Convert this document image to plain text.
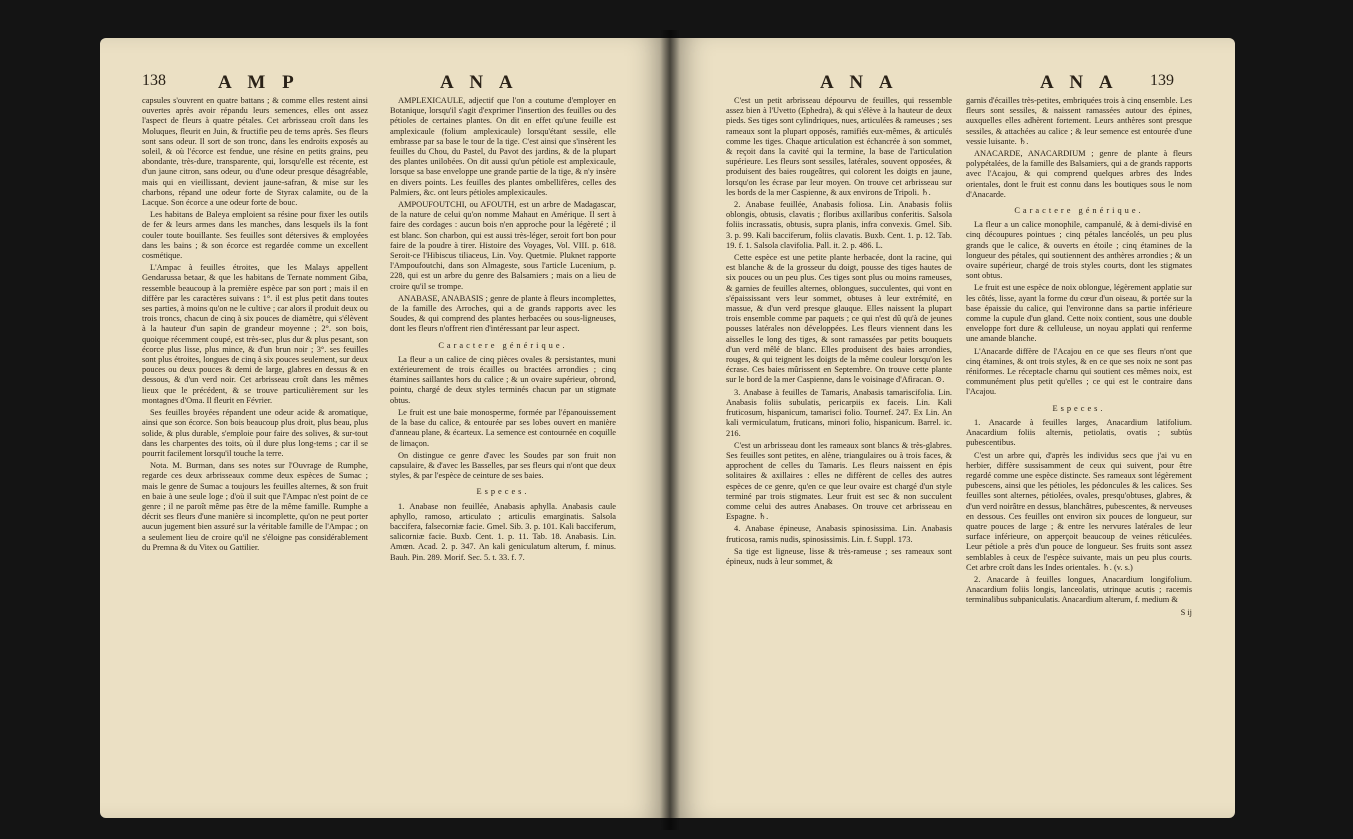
138	A M P	A N A

capsules s'ouvrent en quatre battans ; & comme elles restent ainsi ouvertes après avoir répandu leurs semences, elles ont assez l'aspect de fleurs à quatre pétales. Cet arbrisseau croît dans les Moluques, fleurit en Juin, & fructifie peu de tems après. Ses fleurs sont sans odeur. Il sort de son tronc, dans les endroits exposés au soleil, & où l'écorce est fendue, une résine en petits grains, peu abondante, très-dure, transparente, qui, lorsqu'elle est récente, est d'un jaune citron, sans odeur, ou d'une odeur presque désagréable, mais qui en vieillissant, devient jaune-safran, & mise sur les charbons, répand une odeur forte de Styrax calamite, ou de la Lacque. Son écorce a une odeur forte de bouc.

Les habitans de Baleya emploient sa résine pour fixer les outils de fer & leurs armes dans les manches, dans lesquels ils la font couler toute bouillante. Ses feuilles sont détersives & employées dans les bains ; & son écorce est regardée comme un excellent cosmétique.

L'Ampac à feuilles étroites, que les Malays appellent Gendarussa betaar, & que les habitans de Ternate nomment Giba, ressemble beaucoup à la première espèce par son port ; mais il en diffère par les caractères suivans : 1°. il est plus petit dans toutes ses parties, à moins qu'on ne le cultive ; car alors il produit deux ou trois troncs, chacun de cinq à six pouces de diamètre, qui s'élèvent à la hauteur d'un sapin de grandeur moyenne ; 2°. son bois, quoique récemment coupé, est très-sec, plus dur & plus pesant, son écorce plus lisse, plus mince, & d'un brun noir ; 3°. ses feuilles sont plus étroites, longues de cinq à six pouces seulement, sur deux pouces ou deux pouces & demi de large, glabres en dessus & en dessous, & d'un verd noir. Cet arbrisseau croît dans les mêmes lieux que le précédent, & se trouve particulièrement sur les montagnes d'Oma. Il fleurit en Février.

Ses feuilles broyées répandent une odeur acide & aromatique, ainsi que son écorce. Son bois beaucoup plus droit, plus beau, plus solide, & plus durable, s'emploie pour faire des solives, & sur-tout dans les charpentes des toits, où il dure plus long-tems ; car il se pourrit facilement lorsqu'il touche la terre.

Nota. M. Burman, dans ses notes sur l'Ouvrage de Rumphe, regarde ces deux arbrisseaux comme deux espèces de Sumac ; mais le genre de Sumac a toujours les feuilles alternes, & son fruit en baie à une seule loge ; d'où il suit que l'Ampac n'est point de ce genre ; il ne paroît même pas être de la même famille. Rumphe a décrit ses fleurs d'une manière si incomplette, qu'on ne peut porter aucun jugement bien assuré sur la véritable famille de l'Ampac ; on a seulement lieu de croire qu'il ne s'éloigne pas considérablement du Premna & du Vitex ou Gattilier.

AMPLEXICAULE, adjectif que l'on a coutume d'employer en Botanique, lorsqu'il s'agit d'exprimer l'insertion des feuilles ou des pétioles de certaines plantes. On dit en effet qu'une feuille est amplexicaule (folium amplexicaule) lorsqu'étant sessile, elle embrasse par sa base le tour de la tige. C'est ainsi que s'insèrent les feuilles du Chou, du Pastel, du Pavot des jardins, & de la plupart des plantes unilobées. On dit aussi qu'un pétiole est amplexicaule, lorsque sa base enveloppe une grande partie de la tige, & n'y insère en divers points. Les feuilles des plantes ombellifères, celles des Palmiers, &c. ont leurs pétioles amplexicaules.

AMPOUFOUTCHI, ou AFOUTH, est un arbre de Madagascar, de la nature de celui qu'on nomme Mahaut en Amérique. Il sert à faire des cordages : aucun bois n'en approche pour la légèreté ; il est blanc. Son charbon, qui est aussi très-léger, seroit fort bon pour faire de la poudre à tirer. Histoire des Voyages, Vol. VIII. p. 618. Seroit-ce l'Hibiscus tiliaceus, Lin. Voy. Quetmie. Pluknet rapporte l'Ampoufoutchi, dans son Almageste, sous l'article Lucenium, p. 228, qui est un arbre du genre des Balsamiers ; mais on a lieu de croire qu'il se trompe.

ANABASE, ANABASIS ; genre de plante à fleurs incomplettes, de la famille des Arroches, qui a de grands rapports avec les Soudes, & qui comprend des plantes herbacées ou sous-ligneuses, dont les fleurs n'offrent rien d'intéressant par leur aspect.

Caractere générique.

La fleur a un calice de cinq pièces ovales & persistantes, muni extérieurement de trois écailles ou bractées arrondies ; cinq étamines saillantes hors du calice ; & un ovaire supérieur, obrond, pointu, chargé de deux styles terminés chacun par un stigmate obtus.

Le fruit est une baie monosperme, formée par l'épanouissement de la base du calice, & entourée par ses lobes ouvert en manière d'anneau plane, & écarteux. La semence est contournée en coquille de limaçon.

On distingue ce genre d'avec les Soudes par son fruit non capsulaire, & d'avec les Basselles, par ses fleurs qui n'ont que deux styles, & par l'espèce de ceinture de ses baies.

Especes.

1. Anabase non feuillée, Anabasis aphylla. Anabasis caule aphyllo, ramoso, articulato ; articulis emarginatis. Salsola baccifera, falsecorniæ facie. Gmel. Sib. 3. p. 101. Kali bacciferum, salicorniæ facie. Buxb. Cent. 1. p. 11. Tab. 18. Anabasis. Lin. Amœn. Acad. 2. p. 347. An kali geniculatum alterum, f. minus. Bauh. Pin. 289. Morif. Sec. 5. t. 33. f. 7.

A N A	A N A 139

C'est un petit arbrisseau dépourvu de feuilles, qui ressemble assez bien à l'Uvetto (Ephedra), & qui s'élève à la hauteur de deux pieds. Ses tiges sont cylindriques, nues, articulées & rameuses ; ses rameaux sont la plupart opposés, ramifiés eux-mêmes, & articulés comme les tiges. Chaque articulation est échancrée à son sommet, & reçoit dans la cavité qui la termine, la base de l'articulation supérieure. Les fleurs sont sessiles, latérales, souvent opposées, & produisent des baies rougeâtres, qui colorent les doigts en jaune, lorsqu'on les écrase par leur moyen. On trouve cet arbrisseau sur les bords de la mer Caspienne, & aux environs de Tripoli. ♄.

2. Anabase feuillée, Anabasis foliosa. Lin. Anabasis foliis oblongis, obtusis, clavatis ; floribus axillaribus conferitis. Salsola foliis incrassatis, obtusis, supra planis, infra convexis. Gmel. Sib. 3. p. 99. Kali bacciferum, foliis clavatis. Buxb. Cent. 1. p. 12. Tab. 19. f. 1. Salsola clavifolia. Pall. it. 2. p. 486. L.

Cette espèce est une petite plante herbacée, dont la racine, qui est blanche & de la grosseur du doigt, pousse des tiges hautes de six pouces ou un peu plus. Ces tiges sont plus ou moins rameuses, & garnies de feuilles alternes, oblongues, succulentes, qui vont en s'épaississant vers leur sommet, obtuses à leur extrémité, en massue, & d'un verd presque glauque. Elles naissent la plupart trois ensemble comme par paquets ; ce qui n'est dû qu'à de jeunes pousses latérales non développées. Les fleurs viennent dans les aisselles le long des tiges, & sont ramassées par petits bouquets d'un verd mêlé de blanc. Elles produisent des baies arrondies, rouges, & qui teignent les doigts de la même couleur lorsqu'on les écrase. Ces baies mûrissent en Septembre. On trouve cette plante sur le bord de la mer Caspienne, dans le voisinage d'Afiracan. ⊙.

3. Anabase à feuilles de Tamaris, Anabasis tamariscifolia. Lin. Anabasis foliis subulatis, pericarpiis ex faceis. Lin. Kali fruticosum, hispanicum, tamarisci folio. Tournef. 247. Ex Lin. An kali vermiculatum, fruticans, minori folio, hispanicum. Barrel. ic. 216.

C'est un arbrisseau dont les rameaux sont blancs & très-glabres. Ses feuilles sont petites, en alène, triangulaires ou à trois faces, & approchent de celles du Tamaris. Les fleurs naissent en épis solitaires & axillaires : elles ne diffèrent de celles des autres espèces de ce genre, qu'en ce que leur ovaire est chargé d'un style terminé par trois stigmates. Leur fruit est sec & non succulent comme celui des autres Anabases. On trouve cet arbrisseau en Espagne. ♄.

4. Anabase épineuse, Anabasis spinosissima. Lin. Anabasis fruticosa, ramis nudis, spinosissimis. Lin. f. Suppl. 173.

Sa tige est ligneuse, lisse & très-rameuse ; ses rameaux sont épineux, nuds à leur sommet, &

garnis d'écailles très-petites, embriquées trois à cinq ensemble. Les fleurs sont sessiles, & naissent ramassées autour des épines, auxquelles elles adhèrent fortement. Leurs anthères sont presque sessiles, & attachées au calice ; & leur semence est entourée d'une vessie luisante. ♄.

ANACARDE, ANACARDIUM ; genre de plante à fleurs polypétalées, de la famille des Balsamiers, qui a de grands rapports avec l'Acajou, & qui comprend quelques arbres des Indes orientales, dont le fruit est connu dans les boutiques sous le nom d'Anacarde.

Caractere générique.

La fleur a un calice monophile, campanulé, & à demi-divisé en cinq découpures pointues ; cinq pétales lancéolés, un peu plus grands que le calice, & ouverts en étoile ; cinq étamines de la longueur des pétales, qui soutiennent des anthères arrondies ; & un ovaire supérieur, chargé de trois styles courts, dont les stigmates sont obtus.

Le fruit est une espèce de noix oblongue, légèrement applatie sur les côtés, lisse, ayant la forme du cœur d'un oiseau, & portée sur la base épaissie du calice, qui l'environne dans sa partie inférieure comme la cupule d'un gland. Cette noix contient, sous une double enveloppe fort dure & celluleuse, un noyau applati qui renferme une amande blanche.

L'Anacarde diffère de l'Acajou en ce que ses fleurs n'ont que cinq étamines, & ont trois styles, & en ce que ses noix ne sont pas réniformes. Le réceptacle charnu qui soutient ces mêmes noix, est communément plus petit qu'elles ; ce qui est le contraire dans l'Acajou.

Especes.

1. Anacarde à feuilles larges, Anacardium latifolium. Anacardium foliis alternis, petiolatis, ovatis ; subtùs pubescentibus.

C'est un arbre qui, d'après les individus secs que j'ai vu en herbier, diffère sussisamment de ceux qui suivent, pour être regardé comme une espèce distincte. Ses rameaux sont légèrement pubescens, ainsi que les pétioles, les pédoncules & les calices. Ses feuilles sont alternes, pétiolées, ovales, presqu'obtuses, glabres, & d'un verd noirâtre en dessus, blanchâtres, pubescentes, & nerveuses en dessous. Ces feuilles ont environ six pouces de longueur, sur quatre pouces de large ; & entre les nervures latérales de leur surface inférieure, on apperçoit beaucoup de veines réticulées. Leur pétiole a près d'un pouce de longueur. Ses fruits sont assez semblables à ceux de l'espèce suivante, mais un peu plus courts. Cet arbre croît dans les Indes orientales. ♄. (v. s.)

2. Anacarde à feuilles longues, Anacardium longifolium. Anacardium foliis longis, lanceolatis, utrinque acutis ; racemis terminalibus subpaniculatis. Anacardium alterum, f. medium &

S ij
